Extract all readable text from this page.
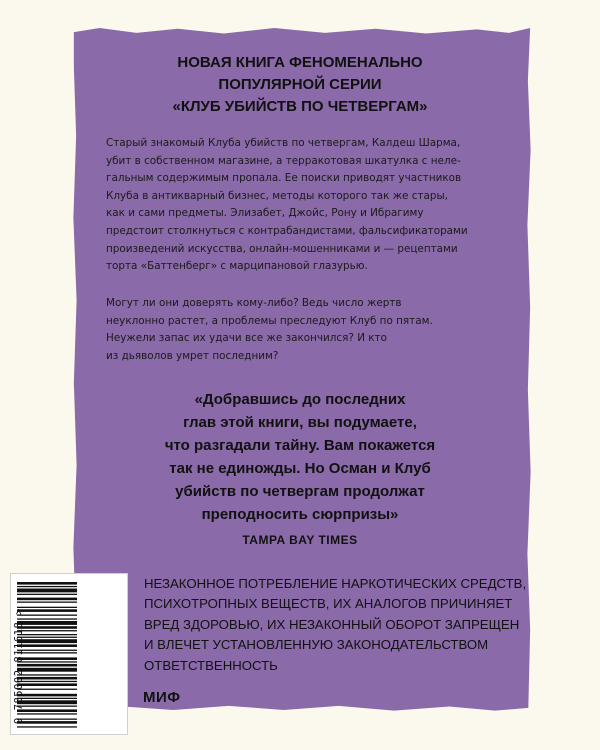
НОВАЯ КНИГА ФЕНОМЕНАЛЬНО
ПОПУЛЯРНОЙ СЕРИИ
«КЛУБ УБИЙСТВ ПО ЧЕТВЕРГАМ»

Старый знакомый Клуба убийств по четвергам, Калдеш Шарма,
убит в собственном магазине, а терракотовая шкатулка с неле-
гальным содержимым пропала. Ее поиски приводят участников
Клуба в антикварный бизнес, методы которого так же стары,
как и сами предметы. Элизабет, Джойс, Рону и Ибрагиму
предстоит столкнуться с контрабандистами, фальсификаторами
произведений искусства, онлайн-мошенниками и — рецептами
торта «Баттенберг» с марципановой глазурью.

Могут ли они доверять кому-либо? Ведь число жертв
неуклонно растет, а проблемы преследуют Клуб по пятам.
Неужели запас их удачи все же закончился? И кто
из дьяволов умрет последним?

«Добравшись до последних
глав этой книги, вы подумаете,
что разгадали тайну. Вам покажется
так не единожды. Но Осман и Клуб
убийств по четвергам продолжат
преподносить сюрпризы»
TAMPA BAY TIMES
9 785002 811618 >
НЕЗАКОННОЕ ПОТРЕБЛЕНИЕ НАРКОТИЧЕСКИХ СРЕДСТВ,
ПСИХОТРОПНЫХ ВЕЩЕСТВ, ИХ АНАЛОГОВ ПРИЧИНЯЕТ
ВРЕД ЗДОРОВЬЮ, ИХ НЕЗАКОННЫЙ ОБОРОТ ЗАПРЕЩЕН
И ВЛЕЧЕТ УСТАНОВЛЕННУЮ ЗАКОНОДАТЕЛЬСТВОМ
ОТВЕТСТВЕННОСТЬ
МИФ
